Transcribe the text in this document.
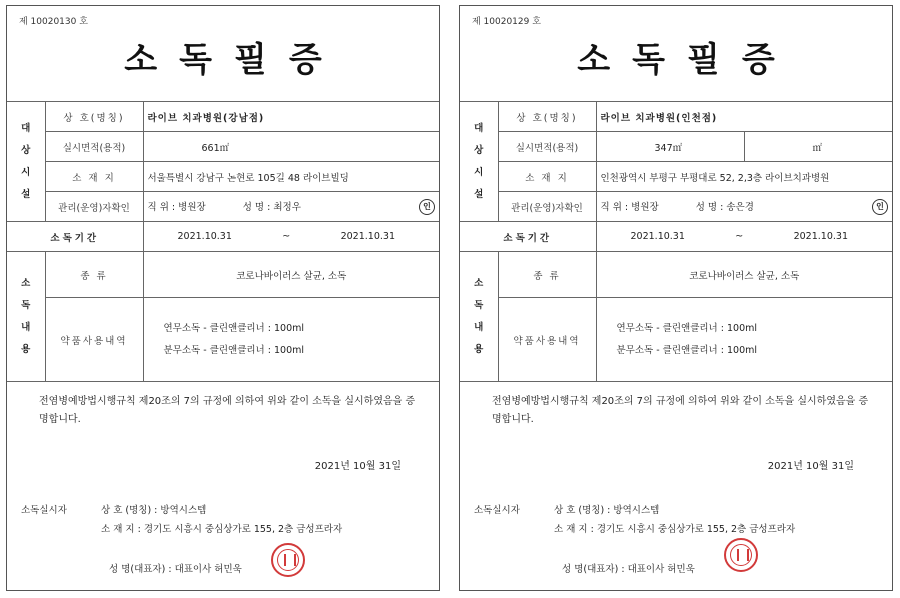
제 10020130 호
소독필증
대
상
시
설	상 호(명칭)	라이브 치과병원(강남점)
	실시면적(용적)	661㎡
	소 재 지	서울특별시 강남구 논현로 105길 48 라이브빌딩
	관리(운영)자확인	직 위 : 병원장 성 명 : 최정우 인

소독기간		2021.10.31 ~ 2021.10.31

소
독
내
용	종 류	코로나바이러스 살균, 소독
	약품사용내역	연무소독 - 클린앤클리너 : 100ml
분무소독 - 클린앤클리너 : 100ml
전염병예방법시행규칙 제20조의 7의 규정에 의하여 위와 같이 소독을 실시하였음을 증명합니다.
2021년 10월 31일
소독실시자	상 호 (명칭) : 방역시스템
소 재 지 : 경기도 시흥시 중심상가로 155, 2층 금성프라자
성 명(대표자) : 대표이사 허민욱
제 10020129 호
소독필증
대
상
시
설	상 호(명칭)	라이브 치과병원(인천점)	
	실시면적(용적)	347㎡	㎡
	소 재 지	인천광역시 부평구 부평대로 52, 2,3층 라이브치과병원	
	관리(운영)자확인	직 위 : 병원장 성 명 : 송은경 인	

소독기간		2021.10.31 ~ 2021.10.31	

소
독
내
용	종 류	코로나바이러스 살균, 소독	
	약품사용내역	연무소독 - 클린앤클리너 : 100ml
분무소독 - 클린앤클리너 : 100ml	
전염병예방법시행규칙 제20조의 7의 규정에 의하여 위와 같이 소독을 실시하였음을 증명합니다.
2021년 10월 31일
소독실시자	상 호 (명칭) : 방역시스템
소 재 지 : 경기도 시흥시 중심상가로 155, 2층 금성프라자
성 명(대표자) : 대표이사 허민욱
